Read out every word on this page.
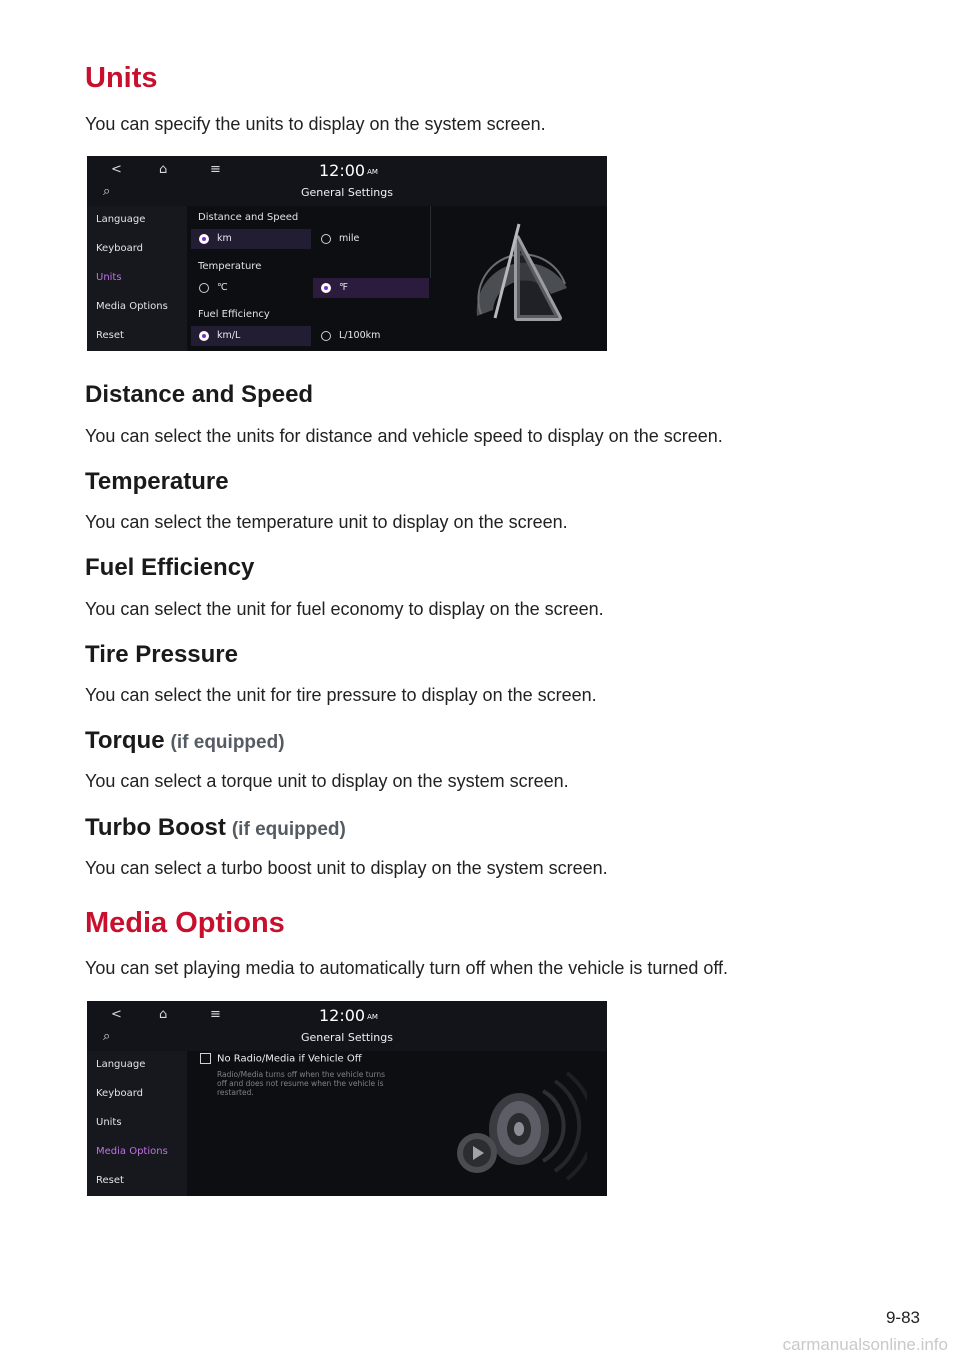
Units

You can specify the units to display on the system screen.

<	⌂	≡	12:00 AM
⌕	General Settings
Language
Keyboard
Units
Media Options
Reset
Distance and Speed
km	mile
Temperature
℃	℉
Fuel Efficiency
km/L	L/100km
Distance and Speed

You can select the units for distance and vehicle speed to display on the screen.

Temperature

You can select the temperature unit to display on the screen.

Fuel Efficiency

You can select the unit for fuel economy to display on the screen.

Tire Pressure

You can select the unit for tire pressure to display on the screen.

Torque (if equipped)

You can select a torque unit to display on the system screen.

Turbo Boost (if equipped)

You can select a turbo boost unit to display on the system screen.

Media Options

You can set playing media to automatically turn off when the vehicle is turned off.

<	⌂	≡	12:00 AM
⌕	General Settings
Language
Keyboard
Units
Media Options
Reset
No Radio/Media if Vehicle Off
Radio/Media turns off when the vehicle turns
off and does not resume when the vehicle is
restarted.
9-83
carmanualsonline.info
